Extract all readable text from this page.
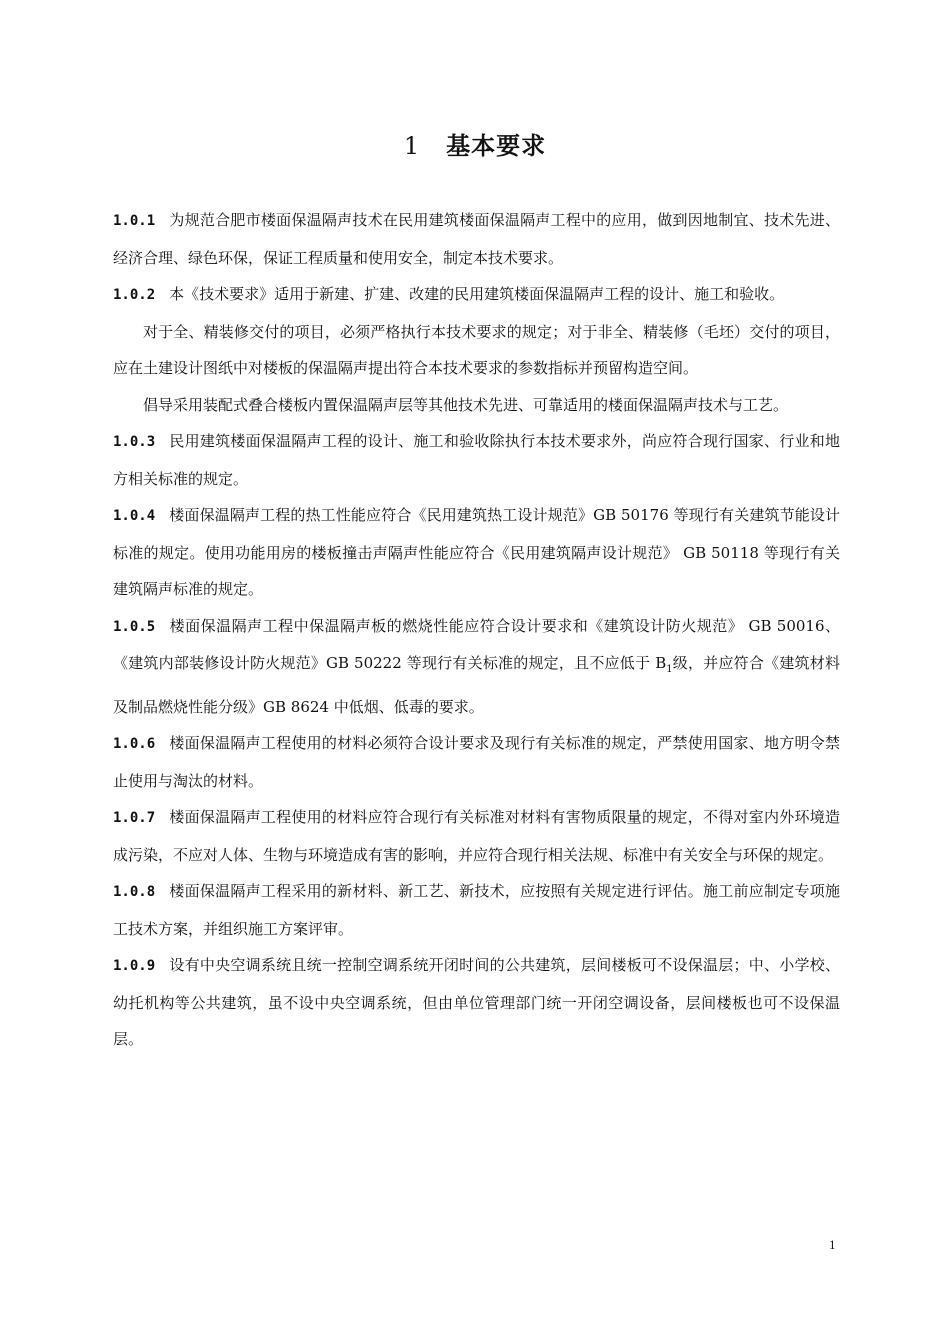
1 基本要求

1.0.1 为规范合肥市楼面保温隔声技术在民用建筑楼面保温隔声工程中的应用，做到因地制宜、技术先进、经济合理、绿色环保，保证工程质量和使用安全，制定本技术要求。

1.0.2 本《技术要求》适用于新建、扩建、改建的民用建筑楼面保温隔声工程的设计、施工和验收。

对于全、精装修交付的项目，必须严格执行本技术要求的规定；对于非全、精装修（毛坯）交付的项目，应在土建设计图纸中对楼板的保温隔声提出符合本技术要求的参数指标并预留构造空间。

倡导采用装配式叠合楼板内置保温隔声层等其他技术先进、可靠适用的楼面保温隔声技术与工艺。

1.0.3 民用建筑楼面保温隔声工程的设计、施工和验收除执行本技术要求外，尚应符合现行国家、行业和地方相关标准的规定。

1.0.4 楼面保温隔声工程的热工性能应符合《民用建筑热工设计规范》GB 50176 等现行有关建筑节能设计标准的规定。使用功能用房的楼板撞击声隔声性能应符合《民用建筑隔声设计规范》 GB 50118 等现行有关建筑隔声标准的规定。

1.0.5 楼面保温隔声工程中保温隔声板的燃烧性能应符合设计要求和《建筑设计防火规范》 GB 50016、《建筑内部装修设计防火规范》GB 50222 等现行有关标准的规定，且不应低于 $B_1$级，并应符合《建筑材料及制品燃烧性能分级》GB 8624 中低烟、低毒的要求。

1.0.6 楼面保温隔声工程使用的材料必须符合设计要求及现行有关标准的规定，严禁使用国家、地方明令禁止使用与淘汰的材料。

1.0.7 楼面保温隔声工程使用的材料应符合现行有关标准对材料有害物质限量的规定，不得对室内外环境造成污染，不应对人体、生物与环境造成有害的影响，并应符合现行相关法规、标准中有关安全与环保的规定。

1.0.8 楼面保温隔声工程采用的新材料、新工艺、新技术，应按照有关规定进行评估。施工前应制定专项施工技术方案，并组织施工方案评审。

1.0.9 设有中央空调系统且统一控制空调系统开闭时间的公共建筑，层间楼板可不设保温层；中、小学校、幼托机构等公共建筑，虽不设中央空调系统，但由单位管理部门统一开闭空调设备，层间楼板也可不设保温层。

1
